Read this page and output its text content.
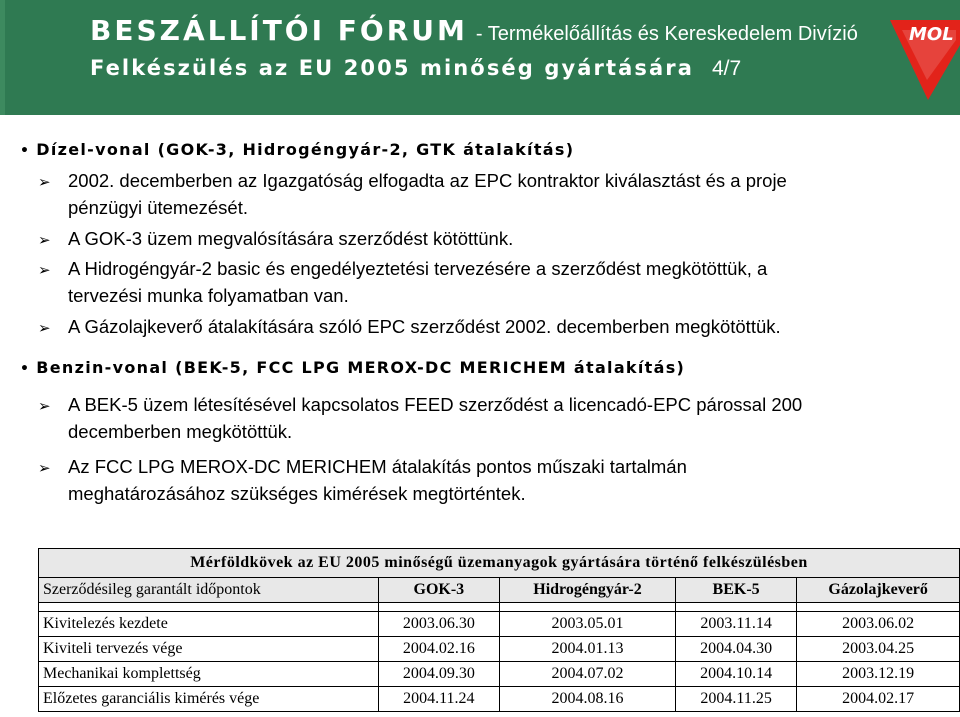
BESZÁLLÍTÓI FÓRUM - Termékelőállítás és Kereskedelem Divízió
Felkészülés az EU 2005 minőség gyártására 4/7
MOL
• Dízel-vonal (GOK-3, Hidrogéngyár-2, GTK átalakítás)
➢ 2002. decemberben az Igazgatóság elfogadta az EPC kontraktor kiválasztást és a proje
pénzügyi ütemezését.
➢ A GOK-3 üzem megvalósítására szerződést kötöttünk.
➢ A Hidrogéngyár-2 basic és engedélyeztetési tervezésére a szerződést megkötöttük, a
tervezési munka folyamatban van.
➢ A Gázolajkeverő átalakítására szóló EPC szerződést 2002. decemberben megkötöttük.
• Benzin-vonal (BEK-5, FCC LPG MEROX-DC MERICHEM átalakítás)
➢ A BEK-5 üzem létesítésével kapcsolatos FEED szerződést a licencadó-EPC párossal 200
decemberben megkötöttük.
➢ Az FCC LPG MEROX-DC MERICHEM átalakítás pontos műszaki tartalmán
meghatározásához szükséges kimérések megtörténtek.
Mérföldkövek az EU 2005 minőségű üzemanyagok gyártására történő felkészülésben				
Szerződésileg garantált időpontok	GOK-3	Hidrogéngyár-2	BEK-5	Gázolajkeverő

Kivitelezés kezdete	2003.06.30	2003.05.01	2003.11.14	2003.06.02
Kiviteli tervezés vége	2004.02.16	2004.01.13	2004.04.30	2003.04.25
Mechanikai komplettség	2004.09.30	2004.07.02	2004.10.14	2003.12.19
Előzetes garanciális kimérés vége	2004.11.24	2004.08.16	2004.11.25	2004.02.17
